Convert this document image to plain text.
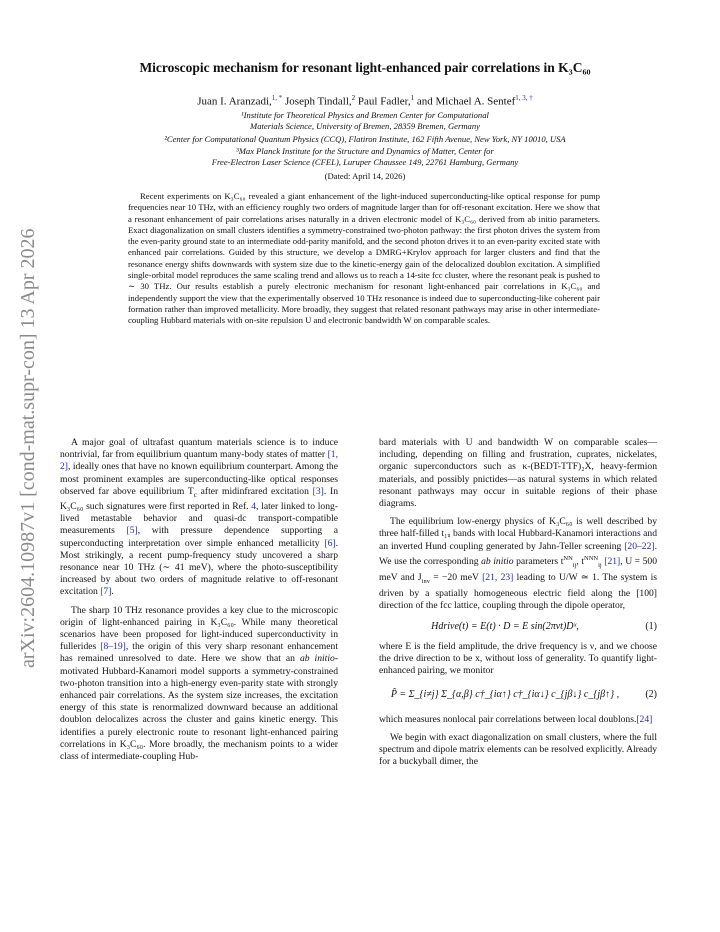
arXiv:2604.10987v1 [cond-mat.supr-con] 13 Apr 2026
Microscopic mechanism for resonant light-enhanced pair correlations in K₃C₆₀
Juan I. Aranzadi,$^{1, *}$ Joseph Tindall,$^2$ Paul Fadler,$^1$ and Michael A. Sentef$^{1, 3, \dagger}$
¹Institute for Theoretical Physics and Bremen Center for Computational
Materials Science, University of Bremen, 28359 Bremen, Germany
²Center for Computational Quantum Physics (CCQ), Flatiron Institute, 162 Fifth Avenue, New York, NY 10010, USA
³Max Planck Institute for the Structure and Dynamics of Matter, Center for
Free-Electron Laser Science (CFEL), Luruper Chaussee 149, 22761 Hamburg, Germany
(Dated: April 14, 2026)
Recent experiments on K₃C₆₀ revealed a giant enhancement of the light-induced superconducting-like optical response for pump frequencies near 10 THz, with an efficiency roughly two orders of magnitude larger than for off-resonant excitation. Here we show that a resonant enhancement of pair correlations arises naturally in a driven electronic model of K₃C₆₀ derived from ab initio parameters. Exact diagonalization on small clusters identifies a symmetry-constrained two-photon pathway: the first photon drives the system from the even-parity ground state to an intermediate odd-parity manifold, and the second photon drives it to an even-parity excited state with enhanced pair correlations. Guided by this structure, we develop a DMRG+Krylov approach for larger clusters and find that the resonance energy shifts downwards with system size due to the kinetic-energy gain of the delocalized doublon excitation. A simplified single-orbital model reproduces the same scaling trend and allows us to reach a 14-site fcc cluster, where the resonant peak is pushed to ∼ 30 THz. Our results establish a purely electronic mechanism for resonant light-enhanced pair correlations in K₃C₆₀ and independently support the view that the experimentally observed 10 THz resonance is indeed due to superconducting-like coherent pair formation rather than improved metallicity. More broadly, they suggest that related resonant pathways may arise in other intermediate-coupling Hubbard materials with on-site repulsion U and electronic bandwidth W on comparable scales.

A major goal of ultrafast quantum materials science is to induce nontrivial, far from equilibrium quantum many-body states of matter [1, 2], ideally ones that have no known equilibrium counterpart. Among the most prominent examples are superconducting-like optical responses observed far above equilibrium $T_c$ after midinfrared excitation [3]. In K₃C₆₀ such signatures were first reported in Ref. 4, later linked to long-lived metastable behavior and quasi-dc transport-compatible measurements [5], with pressure dependence supporting a superconducting interpretation over simple enhanced metallicity [6]. Most strikingly, a recent pump-frequency study uncovered a sharp resonance near 10 THz (∼ 41 meV), where the photo-susceptibility increased by about two orders of magnitude relative to off-resonant excitation [7].

The sharp 10 THz resonance provides a key clue to the microscopic origin of light-enhanced pairing in K₃C₆₀. While many theoretical scenarios have been proposed for light-induced superconductivity in fullerides [8–19], the origin of this very sharp resonant enhancement has remained unresolved to date. Here we show that an ab initio-motivated Hubbard-Kanamori model supports a symmetry-constrained two-photon transition into a high-energy even-parity state with strongly enhanced pair correlations. As the system size increases, the excitation energy of this state is renormalized downward because an additional doublon delocalizes across the cluster and gains kinetic energy. This identifies a purely electronic route to resonant light-enhanced pairing correlations in K₃C₆₀. More broadly, the mechanism points to a wider class of intermediate-coupling Hub-

bard materials with U and bandwidth W on comparable scales—including, depending on filling and frustration, cuprates, nickelates, organic superconductors such as κ-(BEDT-TTF)₂X, heavy-fermion materials, and possibly pnictides—as natural systems in which related resonant pathways may occur in suitable regions of their phase diagrams.

The equilibrium low-energy physics of K₃C₆₀ is well described by three half-filled t₁ᵤ bands with local Hubbard-Kanamori interactions and an inverted Hund coupling generated by Jahn-Teller screening [20–22]. We use the corresponding ab initio parameters $t^{NN}_{ij}$, $t^{NNN}_{ij}$ [21], U = 500 meV and $J_{inv} = -20$ meV [21, 23] leading to U/W ≃ 1. The system is driven by a spatially homogeneous electric field along the [100] direction of the fcc lattice, coupling through the dipole operator,

Hdrive(t) = E(t) · D = E sin(2πνt)Dˣ,	(1)

where E is the field amplitude, the drive frequency is ν, and we choose the drive direction to be x, without loss of generality. To quantify light-enhanced pairing, we monitor

P̂ = Σ_{i≠j} Σ_{α,β} c†_{iα↑} c†_{iα↓} c_{jβ↓} c_{jβ↑} ,	(2)

which measures nonlocal pair correlations between local doublons.[24]

We begin with exact diagonalization on small clusters, where the full spectrum and dipole matrix elements can be resolved explicitly. Already for a buckyball dimer, the
